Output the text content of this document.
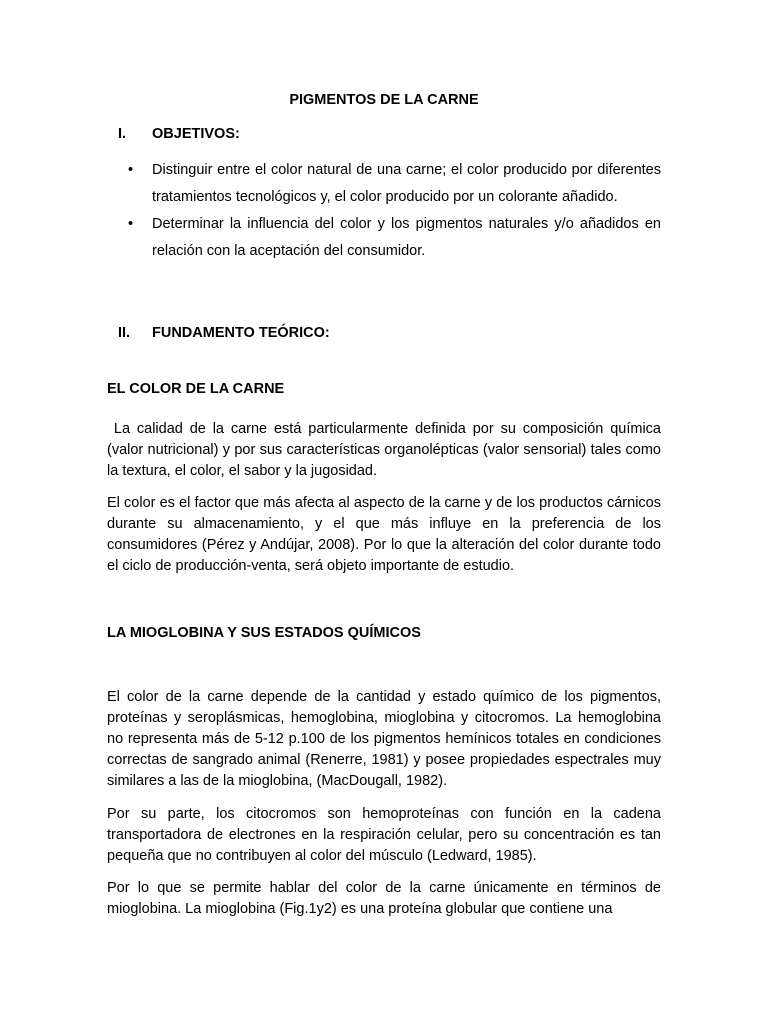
PIGMENTOS DE LA CARNE
I. OBJETIVOS:
• Distinguir entre el color natural de una carne; el color producido por diferentes tratamientos tecnológicos y, el color producido por un colorante añadido.
• Determinar la influencia del color y los pigmentos naturales y/o añadidos en relación con la aceptación del consumidor.
II. FUNDAMENTO TEÓRICO:
EL COLOR DE LA CARNE

La calidad de la carne está particularmente definida por su composición química (valor nutricional) y por sus características organolépticas (valor sensorial) tales como la textura, el color, el sabor y la jugosidad.

El color es el factor que más afecta al aspecto de la carne y de los productos cárnicos durante su almacenamiento, y el que más influye en la preferencia de los consumidores (Pérez y Andújar, 2008). Por lo que la alteración del color durante todo el ciclo de producción-venta, será objeto importante de estudio.

LA MIOGLOBINA Y SUS ESTADOS QUÍMICOS

El color de la carne depende de la cantidad y estado químico de los pigmentos, proteínas y seroplásmicas, hemoglobina, mioglobina y citocromos. La hemoglobina no representa más de 5-12 p.100 de los pigmentos hemínicos totales en condiciones correctas de sangrado animal (Renerre, 1981) y posee propiedades espectrales muy similares a las de la mioglobina, (MacDougall, 1982).

Por su parte, los citocromos son hemoproteínas con función en la cadena transportadora de electrones en la respiración celular, pero su concentración es tan pequeña que no contribuyen al color del músculo (Ledward, 1985).

Por lo que se permite hablar del color de la carne únicamente en términos de mioglobina. La mioglobina (Fig.1y2) es una proteína globular que contiene una
